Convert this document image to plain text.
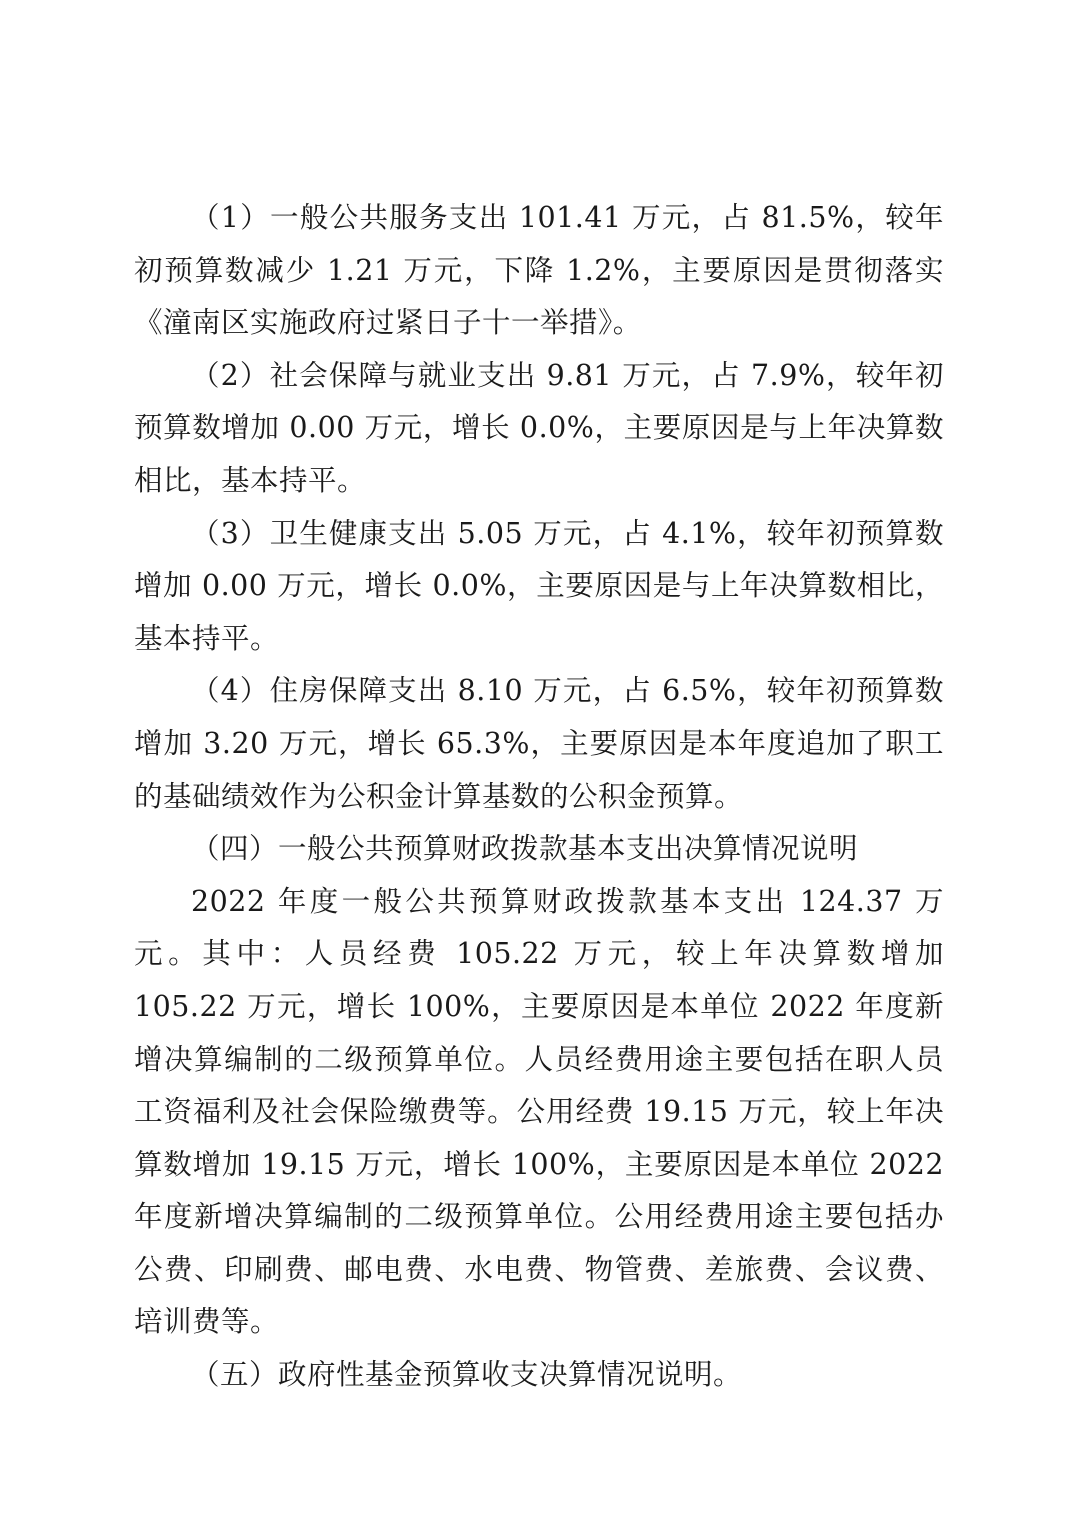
（1）一般公共服务支出 101.41 万元，占 81.5%，较年初预算数减少 1.21 万元，下降 1.2%，主要原因是贯彻落实《潼南区实施政府过紧日子十一举措》。

（2）社会保障与就业支出 9.81 万元，占 7.9%，较年初预算数增加 0.00 万元，增长 0.0%，主要原因是与上年决算数相比，基本持平。

（3）卫生健康支出 5.05 万元，占 4.1%，较年初预算数增加 0.00 万元，增长 0.0%，主要原因是与上年决算数相比，基本持平。

（4）住房保障支出 8.10 万元，占 6.5%，较年初预算数增加 3.20 万元，增长 65.3%，主要原因是本年度追加了职工的基础绩效作为公积金计算基数的公积金预算。

（四）一般公共预算财政拨款基本支出决算情况说明

2022 年度一般公共预算财政拨款基本支出 124.37 万元。其中：人员经费 105.22 万元，较上年决算数增加 105.22 万元，增长 100%，主要原因是本单位 2022 年度新增决算编制的二级预算单位。人员经费用途主要包括在职人员工资福利及社会保险缴费等。公用经费 19.15 万元，较上年决算数增加 19.15 万元，增长 100%，主要原因是本单位 2022 年度新增决算编制的二级预算单位。公用经费用途主要包括办公费、印刷费、邮电费、水电费、物管费、差旅费、会议费、培训费等。

（五）政府性基金预算收支决算情况说明。
